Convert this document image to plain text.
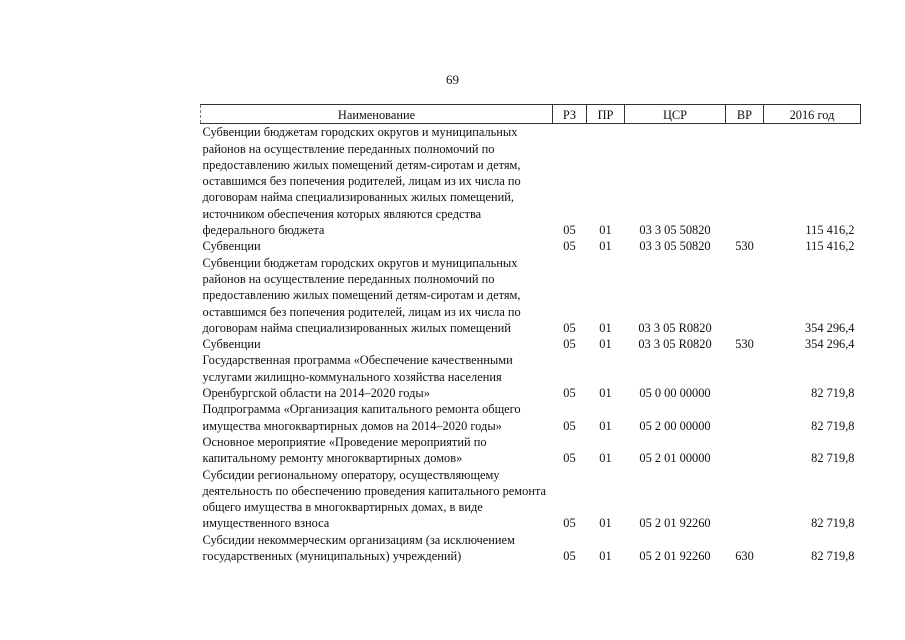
69
Наименование	РЗ	ПР	ЦСР	ВР	2016 год
Субвенции бюджетам городских округов и муниципальных районов на осуществление переданных полномочий по предоставлению жилых помещений детям-сиротам и детям, оставшимся без попечения родителей, лицам из их числа по договорам найма специализированных жилых помещений, источником обеспечения которых являются средства федерального бюджета	05	01	03 3 05 50820		115 416,2
Субвенции	05	01	03 3 05 50820	530	115 416,2
Субвенции бюджетам городских округов и муниципальных районов на осуществление переданных полномочий по предоставлению жилых помещений детям-сиротам и детям, оставшимся без попечения родителей, лицам из их числа по договорам найма специализированных жилых помещений	05	01	03 3 05 R0820		354 296,4
Субвенции	05	01	03 3 05 R0820	530	354 296,4
Государственная программа «Обеспечение качественными услугами жилищно-коммунального хозяйства населения Оренбургской области на 2014–2020 годы»	05	01	05 0 00 00000		82 719,8
Подпрограмма «Организация капитального ремонта общего имущества многоквартирных домов на 2014–2020 годы»	05	01	05 2 00 00000		82 719,8
Основное мероприятие «Проведение мероприятий по капитальному ремонту многоквартирных домов»	05	01	05 2 01 00000		82 719,8
Субсидии региональному оператору, осуществляющему деятельность по обеспечению проведения капитального ремонта общего имущества в многоквартирных домах, в виде имущественного взноса	05	01	05 2 01 92260		82 719,8
Субсидии некоммерческим организациям (за исключением государственных (муниципальных) учреждений)	05	01	05 2 01 92260	630	82 719,8
